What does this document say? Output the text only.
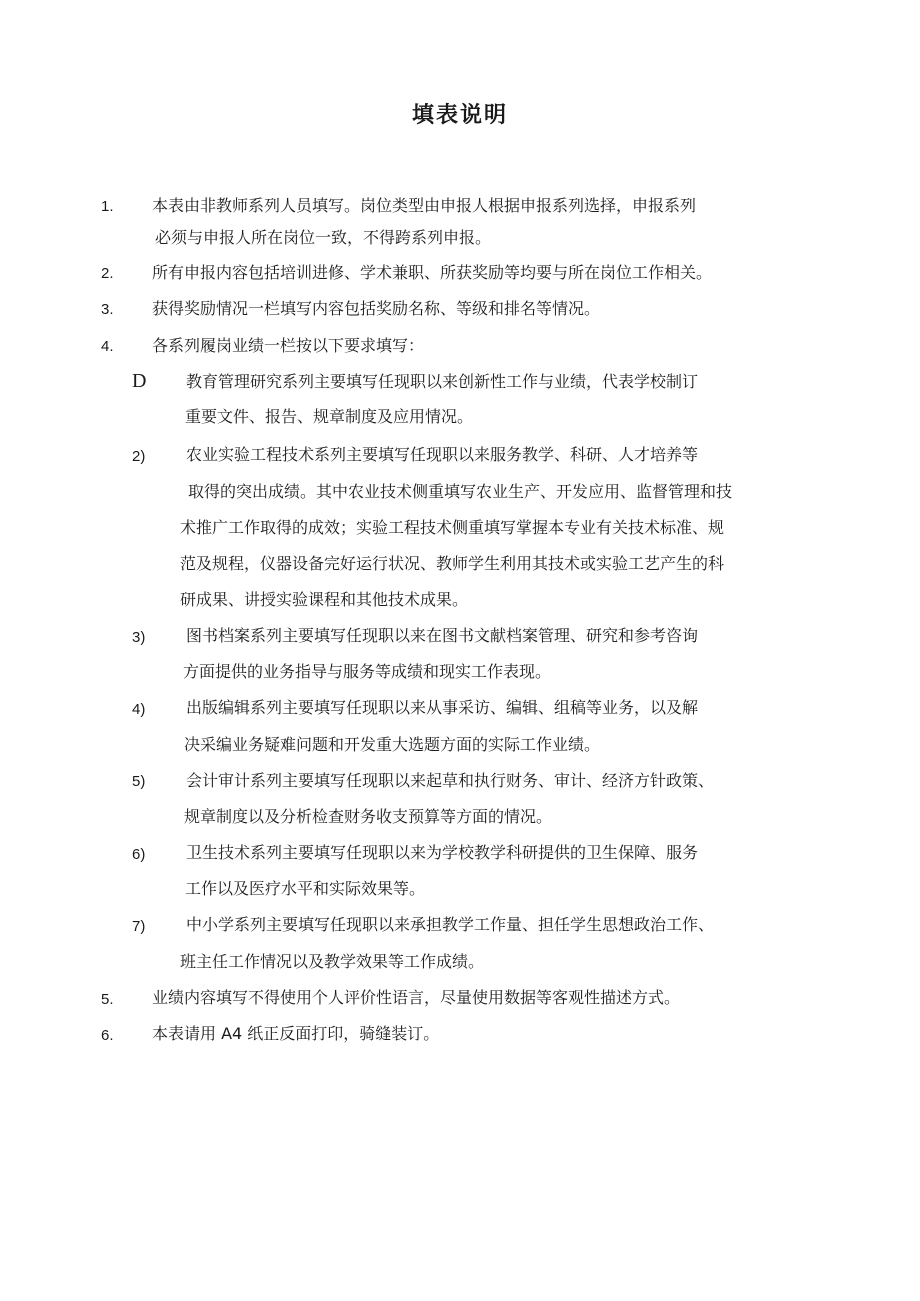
填表说明
1. 本表由非教师系列人员填写。岗位类型由申报人根据申报系列选择，申报系列
必须与申报人所在岗位一致，不得跨系列申报。
2. 所有申报内容包括培训进修、学术兼职、所获奖励等均要与所在岗位工作相关。
3. 获得奖励情况一栏填写内容包括奖励名称、等级和排名等情况。
4. 各系列履岗业绩一栏按以下要求填写：
D 教育管理研究系列主要填写任现职以来创新性工作与业绩，代表学校制订
重要文件、报告、规章制度及应用情况。
2)	农业实验工程技术系列主要填写任现职以来服务教学、科研、人才培养等
取得的突出成绩。其中农业技术侧重填写农业生产、开发应用、监督管理和技
术推广工作取得的成效；实验工程技术侧重填写掌握本专业有关技术标准、规
范及规程，仪器设备完好运行状况、教师学生利用其技术或实验工艺产生的科
研成果、讲授实验课程和其他技术成果。
3)	图书档案系列主要填写任现职以来在图书文献档案管理、研究和参考咨询
方面提供的业务指导与服务等成绩和现实工作表现。
4)	出版编辑系列主要填写任现职以来从事采访、编辑、组稿等业务，以及解
决采编业务疑难问题和开发重大选题方面的实际工作业绩。
5)	会计审计系列主要填写任现职以来起草和执行财务、审计、经济方针政策、
规章制度以及分析检查财务收支预算等方面的情况。
6)	卫生技术系列主要填写任现职以来为学校教学科研提供的卫生保障、服务
工作以及医疗水平和实际效果等。
7)	中小学系列主要填写任现职以来承担教学工作量、担任学生思想政治工作、
班主任工作情况以及教学效果等工作成绩。
5. 业绩内容填写不得使用个人评价性语言，尽量使用数据等客观性描述方式。
6. 本表请用 A4 纸正反面打印，骑缝装订。
